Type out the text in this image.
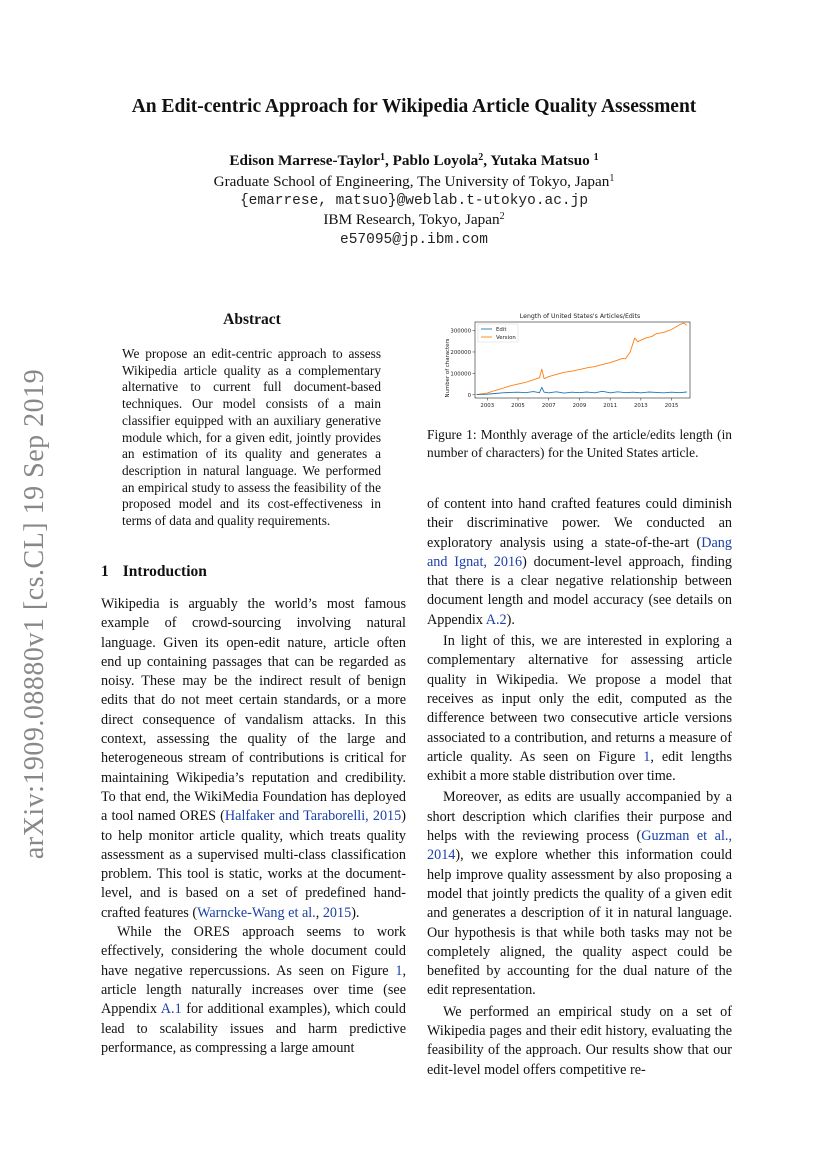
arXiv:1909.08880v1 [cs.CL] 19 Sep 2019
An Edit-centric Approach for Wikipedia Article Quality Assessment
Edison Marrese-Taylor$^1$, Pablo Loyola$^2$, Yutaka Matsuo $^1$
Graduate School of Engineering, The University of Tokyo, Japan$^1$
{emarrese, matsuo}@weblab.t-utokyo.ac.jp
IBM Research, Tokyo, Japan$^2$
e57095@jp.ibm.com
Abstract
We propose an edit-centric approach to assess Wikipedia article quality as a complementary alternative to current full document-based techniques. Our model consists of a main classifier equipped with an auxiliary generative module which, for a given edit, jointly provides an estimation of its quality and generates a description in natural language. We performed an empirical study to assess the feasibility of the proposed model and its cost-effectiveness in terms of data and quality requirements.
1 Introduction

Wikipedia is arguably the world’s most famous example of crowd-sourcing involving natural language. Given its open-edit nature, article often end up containing passages that can be regarded as noisy. These may be the indirect result of benign edits that do not meet certain standards, or a more direct consequence of vandalism attacks. In this context, assessing the quality of the large and heterogeneous stream of contributions is critical for maintaining Wikipedia’s reputation and credibility. To that end, the WikiMedia Foundation has deployed a tool named ORES (Halfaker and Taraborelli, 2015) to help monitor article quality, which treats quality assessment as a supervised multi-class classification problem. This tool is static, works at the document-level, and is based on a set of predefined hand-crafted features (Warncke-Wang et al., 2015).

While the ORES approach seems to work effectively, considering the whole document could have negative repercussions. As seen on Figure 1, article length naturally increases over time (see Appendix A.1 for additional examples), which could lead to scalability issues and harm predictive performance, as compressing a large amount

Length of United States's Articles/Edits
Number of characters
2003	2005	2007	2009	2011	2013	2015
0
100000
200000
300000	Edit
Version
Figure 1: Monthly average of the article/edits length (in number of characters) for the United States article.

of content into hand crafted features could diminish their discriminative power. We conducted an exploratory analysis using a state-of-the-art (Dang and Ignat, 2016) document-level approach, finding that there is a clear negative relationship between document length and model accuracy (see details on Appendix A.2).

In light of this, we are interested in exploring a complementary alternative for assessing article quality in Wikipedia. We propose a model that receives as input only the edit, computed as the difference between two consecutive article versions associated to a contribution, and returns a measure of article quality. As seen on Figure 1, edit lengths exhibit a more stable distribution over time.

Moreover, as edits are usually accompanied by a short description which clarifies their purpose and helps with the reviewing process (Guzman et al., 2014), we explore whether this information could help improve quality assessment by also proposing a model that jointly predicts the quality of a given edit and generates a description of it in natural language. Our hypothesis is that while both tasks may not be completely aligned, the quality aspect could be benefited by accounting for the dual nature of the edit representation.

We performed an empirical study on a set of Wikipedia pages and their edit history, evaluating the feasibility of the approach. Our results show that our edit-level model offers competitive re-
